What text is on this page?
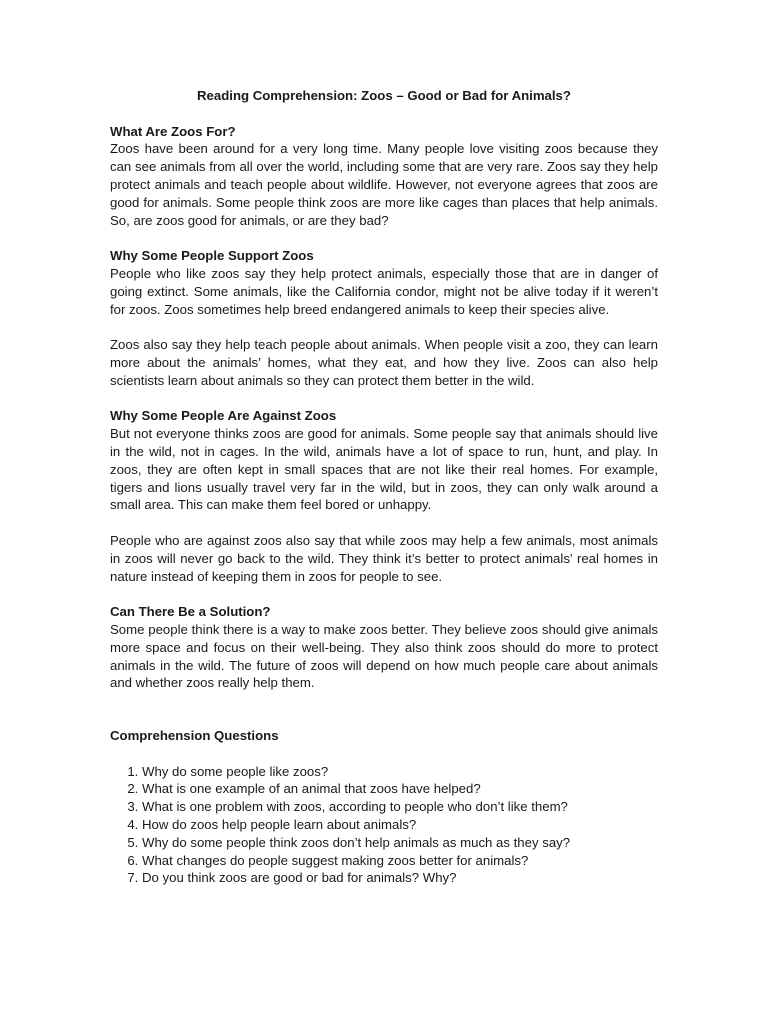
Reading Comprehension: Zoos – Good or Bad for Animals?

What Are Zoos For?

Zoos have been around for a very long time. Many people love visiting zoos because they can see animals from all over the world, including some that are very rare. Zoos say they help protect animals and teach people about wildlife. However, not everyone agrees that zoos are good for animals. Some people think zoos are more like cages than places that help animals. So, are zoos good for animals, or are they bad?

Why Some People Support Zoos

People who like zoos say they help protect animals, especially those that are in danger of going extinct. Some animals, like the California condor, might not be alive today if it weren’t for zoos. Zoos sometimes help breed endangered animals to keep their species alive.

Zoos also say they help teach people about animals. When people visit a zoo, they can learn more about the animals’ homes, what they eat, and how they live. Zoos can also help scientists learn about animals so they can protect them better in the wild.

Why Some People Are Against Zoos

But not everyone thinks zoos are good for animals. Some people say that animals should live in the wild, not in cages. In the wild, animals have a lot of space to run, hunt, and play. In zoos, they are often kept in small spaces that are not like their real homes. For example, tigers and lions usually travel very far in the wild, but in zoos, they can only walk around a small area. This can make them feel bored or unhappy.

People who are against zoos also say that while zoos may help a few animals, most animals in zoos will never go back to the wild. They think it’s better to protect animals’ real homes in nature instead of keeping them in zoos for people to see.

Can There Be a Solution?

Some people think there is a way to make zoos better. They believe zoos should give animals more space and focus on their well-being. They also think zoos should do more to protect animals in the wild. The future of zoos will depend on how much people care about animals and whether zoos really help them.

Comprehension Questions

1. Why do some people like zoos?
2. What is one example of an animal that zoos have helped?
3. What is one problem with zoos, according to people who don’t like them?
4. How do zoos help people learn about animals?
5. Why do some people think zoos don’t help animals as much as they say?
6. What changes do people suggest making zoos better for animals?
7. Do you think zoos are good or bad for animals? Why?
